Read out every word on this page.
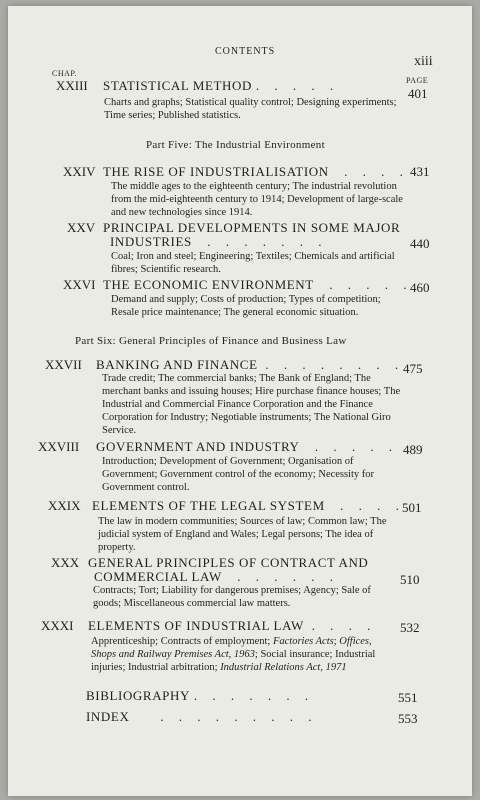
CONTENTS
xiii
CHAP.
PAGE
XXIII STATISTICAL METHOD . . . . .
401
Charts and graphs; Statistical quality control; Designing experiments; Time series; Published statistics.
Part Five: The Industrial Environment
XXIV THE RISE OF INDUSTRIALISATION . . . . 431
The middle ages to the eighteenth century; The industrial revolution from the mid-eighteenth century to 1914; Development of large-scale and new technologies since 1914.
XXV PRINCIPAL DEVELOPMENTS IN SOME MAJOR
INDUSTRIES . . . . . . .	440
Coal; Iron and steel; Engineering; Textiles; Chemicals and artificial fibres; Scientific research.
XXVI THE ECONOMIC ENVIRONMENT . . . . .
460
Demand and supply; Costs of production; Types of competition; Resale price maintenance; The general economic situation.
Part Six: General Principles of Finance and Business Law
XXVII BANKING AND FINANCE . . . . . . . .
475
Trade credit; The commercial banks; The Bank of England; The merchant banks and issuing houses; Hire purchase finance houses; The Industrial and Commercial Finance Corporation and the Finance Corporation for Industry; Negotiable instruments; The National Giro Service.
XXVIII GOVERNMENT AND INDUSTRY . . . . . 489
Introduction; Development of Government; Organisation of Government; Government control of the economy; Necessity for Government control.
XXIX ELEMENTS OF THE LEGAL SYSTEM . . . .
501
The law in modern communities; Sources of law; Common law; The judicial system of England and Wales; Legal persons; The idea of property.
XXX GENERAL PRINCIPLES OF CONTRACT AND
COMMERCIAL LAW . . . . . .	510
Contracts; Tort; Liability for dangerous premises; Agency; Sale of goods; Miscellaneous commercial law matters.
XXXI ELEMENTS OF INDUSTRIAL LAW . . . . 532
Apprenticeship; Contracts of employment; Factories Acts; Offices, Shops and Railway Premises Act, 1963; Social insurance; Industrial injuries; Industrial arbitration; Industrial Relations Act, 1971
BIBLIOGRAPHY . . . . . . .	551
INDEX . . . . . . . . .	553
